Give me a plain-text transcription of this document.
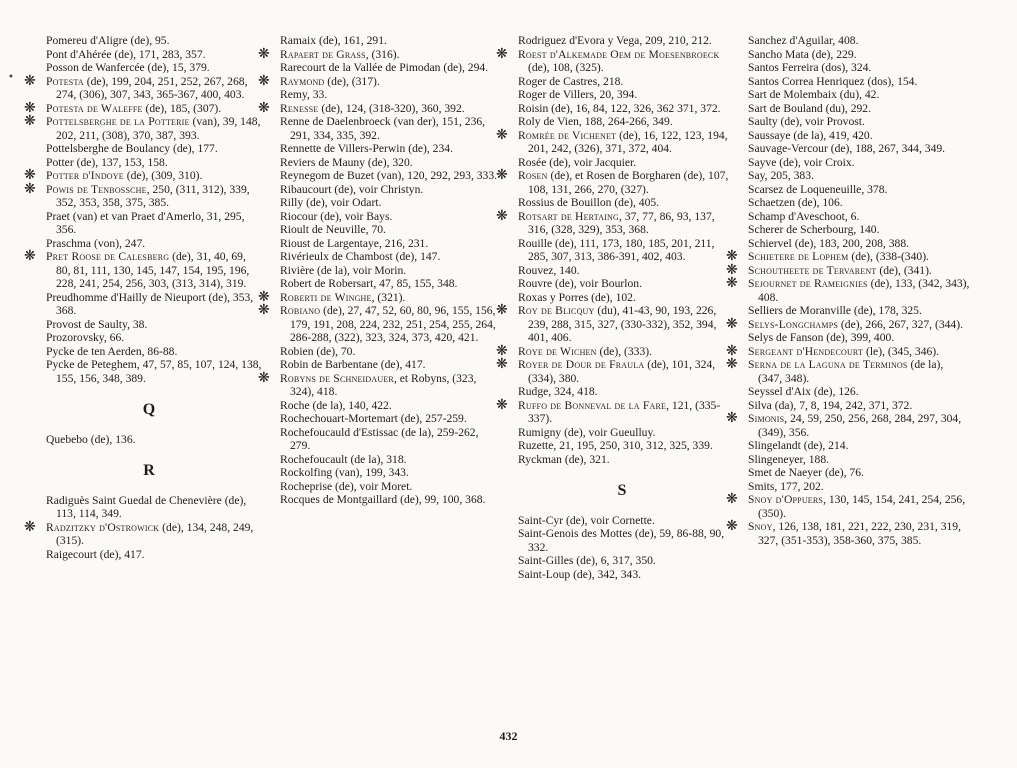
•
Pomereu d'Aligre (de), 95.
Pont d'Ahérée (de), 171, 283, 357.
Posson de Wanfercée (de), 15, 379.
❋ Potesta (de), 199, 204, 251, 252, 267, 268, 274, (306), 307, 343, 365-367, 400, 403.
❋ Potesta de Waleffe (de), 185, (307).
❋ Pottelsberghe de la Potterie (van), 39, 148, 202, 211, (308), 370, 387, 393.
Pottelsberghe de Boulancy (de), 177.
Potter (de), 137, 153, 158.
❋ Potter d'Indoye (de), (309, 310).
❋ Powis de Tenbossche, 250, (311, 312), 339, 352, 353, 358, 375, 385.
Praet (van) et van Praet d'Amerlo, 31, 295, 356.
Praschma (von), 247.
❋ Pret Roose de Calesberg (de), 31, 40, 69, 80, 81, 111, 130, 145, 147, 154, 195, 196, 228, 241, 254, 256, 303, (313, 314), 319.
Preudhomme d'Hailly de Nieuport (de), 353, 368.
Provost de Saulty, 38.
Prozorovsky, 66.
Pycke de ten Aerden, 86-88.
Pycke de Peteghem, 47, 57, 85, 107, 124, 138, 155, 156, 348, 389.
Q
Quebebo (de), 136.
R
Radiguès Saint Guedal de Chenevière (de), 113, 114, 349.
❋ Radzitzky d'Ostrowick (de), 134, 248, 249, (315).
Raigecourt (de), 417.
Ramaix (de), 161, 291.
❋ Rapaert de Grass, (316).
Rarecourt de la Vallée de Pimodan (de), 294.
❋ Raymond (de), (317).
Remy, 33.
❋ Renesse (de), 124, (318-320), 360, 392.
Renne de Daelenbroeck (van der), 151, 236, 291, 334, 335, 392.
Rennette de Villers-Perwin (de), 234.
Reviers de Mauny (de), 320.
Reynegom de Buzet (van), 120, 292, 293, 333.
Ribaucourt (de), voir Christyn.
Rilly (de), voir Odart.
Riocour (de), voir Bays.
Rioult de Neuville, 70.
Rioust de Largentaye, 216, 231.
Rivérieulx de Chambost (de), 147.
Rivière (de la), voir Morin.
Robert de Robersart, 47, 85, 155, 348.
❋ Roberti de Winghe, (321).
❋ Robiano (de), 27, 47, 52, 60, 80, 96, 155, 156, 179, 191, 208, 224, 232, 251, 254, 255, 264, 286-288, (322), 323, 324, 373, 420, 421.
Robien (de), 70.
Robin de Barbentane (de), 417.
❋ Robyns de Schneidauer, et Robyns, (323, 324), 418.
Roche (de la), 140, 422.
Rochechouart-Mortemart (de), 257-259.
Rochefoucauld d'Estissac (de la), 259-262, 279.
Rochefoucault (de la), 318.
Rockolfing (van), 199, 343.
Rocheprise (de), voir Moret.
Rocques de Montgaillard (de), 99, 100, 368.
Rodriguez d'Evora y Vega, 209, 210, 212.
❋ Roest d'Alkemade Oem de Moesenbroeck (de), 108, (325).
Roger de Castres, 218.
Roger de Villers, 20, 394.
Roisin (de), 16, 84, 122, 326, 362 371, 372.
Roly de Vien, 188, 264-266, 349.
❋ Romrée de Vichenet (de), 16, 122, 123, 194, 201, 242, (326), 371, 372, 404.
Rosée (de), voir Jacquier.
❋ Rosen (de), et Rosen de Borgharen (de), 107, 108, 131, 266, 270, (327).
Rossius de Bouillon (de), 405.
❋ Rotsart de Hertaing, 37, 77, 86, 93, 137, 316, (328, 329), 353, 368.
Rouille (de), 111, 173, 180, 185, 201, 211, 285, 307, 313, 386-391, 402, 403.
Rouvez, 140.
Rouvre (de), voir Bourlon.
Roxas y Porres (de), 102.
❋ Roy de Blicquy (du), 41-43, 90, 193, 226, 239, 288, 315, 327, (330-332), 352, 394, 401, 406.
❋ Roye de Wichen (de), (333).
❋ Royer de Dour de Fraula (de), 101, 324, (334), 380.
Rudge, 324, 418.
❋ Ruffo de Bonneval de la Fare, 121, (335-337).
Rumigny (de), voir Gueulluy.
Ruzette, 21, 195, 250, 310, 312, 325, 339.
Ryckman (de), 321.
S
Saint-Cyr (de), voir Cornette.
Saint-Genois des Mottes (de), 59, 86-88, 90, 332.
Saint-Gilles (de), 6, 317, 350.
Saint-Loup (de), 342, 343.
Sanchez d'Aguilar, 408.
Sancho Mata (de), 229.
Santos Ferreira (dos), 324.
Santos Correa Henriquez (dos), 154.
Sart de Molembaix (du), 42.
Sart de Bouland (du), 292.
Saulty (de), voir Provost.
Saussaye (de la), 419, 420.
Sauvage-Vercour (de), 188, 267, 344, 349.
Sayve (de), voir Croix.
Say, 205, 383.
Scarsez de Loqueneuille, 378.
Schaetzen (de), 106.
Schamp d'Aveschoot, 6.
Scherer de Scherbourg, 140.
Schiervel (de), 183, 200, 208, 388.
❋ Schietere de Lophem (de), (338-(340).
❋ Schoutheete de Tervarent (de), (341).
❋ Sejournet de Rameignies (de), 133, (342, 343), 408.
Selliers de Moranville (de), 178, 325.
❋ Selys-Longchamps (de), 266, 267, 327, (344).
Selys de Fanson (de), 399, 400.
❋ Sergeant d'Hendecourt (le), (345, 346).
❋ Serna de la Laguna de Terminos (de la), (347, 348).
Seyssel d'Aix (de), 126.
Silva (da), 7, 8, 194, 242, 371, 372.
❋ Simonis, 24, 59, 250, 256, 268, 284, 297, 304, (349), 356.
Slingelandt (de), 214.
Slingeneyer, 188.
Smet de Naeyer (de), 76.
Smits, 177, 202.
❋ Snoy d'Oppuers, 130, 145, 154, 241, 254, 256, (350).
❋ Snoy, 126, 138, 181, 221, 222, 230, 231, 319, 327, (351-353), 358-360, 375, 385.
432
